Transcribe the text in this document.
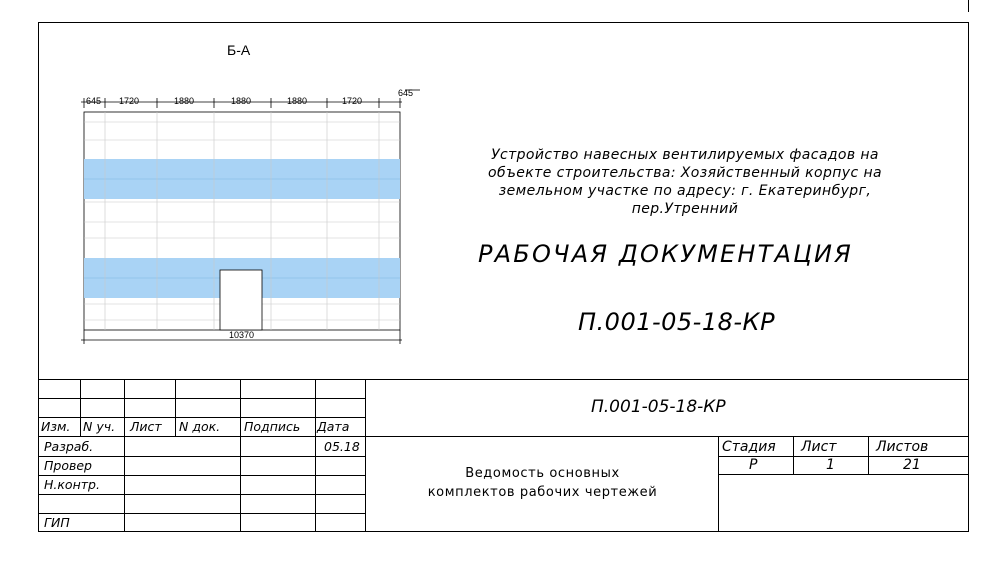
Б-А
645 1720	1880	1880	1880	1720
645
10370
Устройство навесных вентилируемых фасадов на
объекте строительства: Хозяйственный корпус на
земельном участке по адресу: г. Екатеринбург,
пер.Утренний
РАБОЧАЯ ДОКУМЕНТАЦИЯ
П.001-05-18-КР
П.001-05-18-КР
Изм. N уч. Лист N док. Подпись Дата
Разраб.	05.18
Провер
Н.контр.
ГИП
Ведомость основных
комплектов рабочих чертежей
Стадия Лист	Листов
Р	1	21
